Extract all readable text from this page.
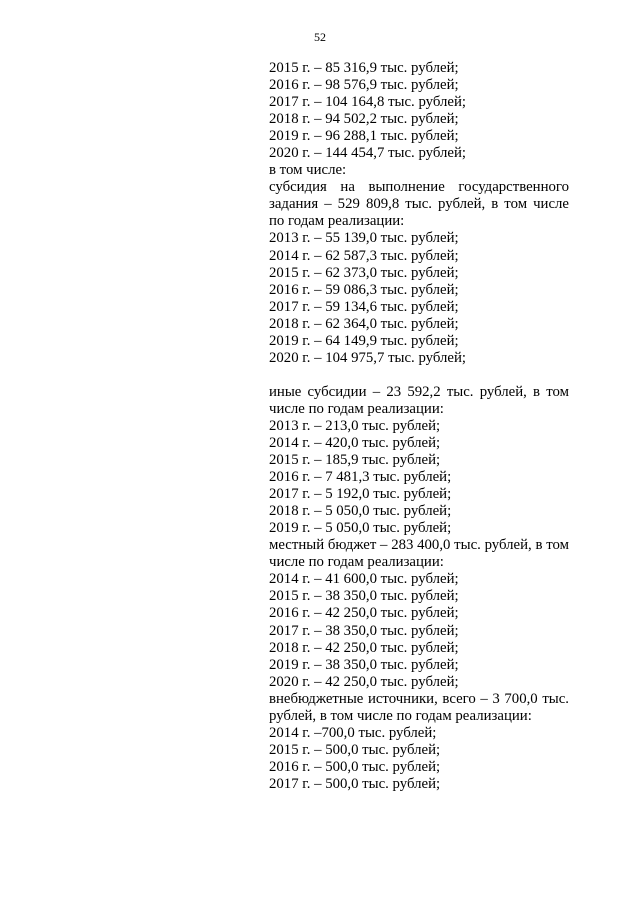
52
2015 г. – 85 316,9 тыс. рублей;
2016 г. – 98 576,9 тыс. рублей;
2017 г. – 104 164,8 тыс. рублей;
2018 г. – 94 502,2 тыс. рублей;
2019 г. – 96 288,1 тыс. рублей;
2020 г. – 144 454,7 тыс. рублей;
в том числе:
субсидия на выполнение государственного задания – 529 809,8 тыс. рублей, в том числе по годам реализации:
2013 г. – 55 139,0 тыс. рублей;
2014 г. – 62 587,3 тыс. рублей;
2015 г. – 62 373,0 тыс. рублей;
2016 г. – 59 086,3 тыс. рублей;
2017 г. – 59 134,6 тыс. рублей;
2018 г. – 62 364,0 тыс. рублей;
2019 г. – 64 149,9 тыс. рублей;
2020 г. – 104 975,7 тыс. рублей;
иные субсидии – 23 592,2 тыс. рублей, в том числе по годам реализации:
2013 г. – 213,0 тыс. рублей;
2014 г. – 420,0 тыс. рублей;
2015 г. – 185,9 тыс. рублей;
2016 г. – 7 481,3 тыс. рублей;
2017 г. – 5 192,0 тыс. рублей;
2018 г. – 5 050,0 тыс. рублей;
2019 г. – 5 050,0 тыс. рублей;
местный бюджет – 283 400,0 тыс. рублей, в том числе по годам реализации:
2014 г. – 41 600,0 тыс. рублей;
2015 г. – 38 350,0 тыс. рублей;
2016 г. – 42 250,0 тыс. рублей;
2017 г. – 38 350,0 тыс. рублей;
2018 г. – 42 250,0 тыс. рублей;
2019 г. – 38 350,0 тыс. рублей;
2020 г. – 42 250,0 тыс. рублей;
внебюджетные источники, всего – 3 700,0 тыс. рублей, в том числе по годам реализации:
2014 г. –700,0 тыс. рублей;
2015 г. – 500,0 тыс. рублей;
2016 г. – 500,0 тыс. рублей;
2017 г. – 500,0 тыс. рублей;
